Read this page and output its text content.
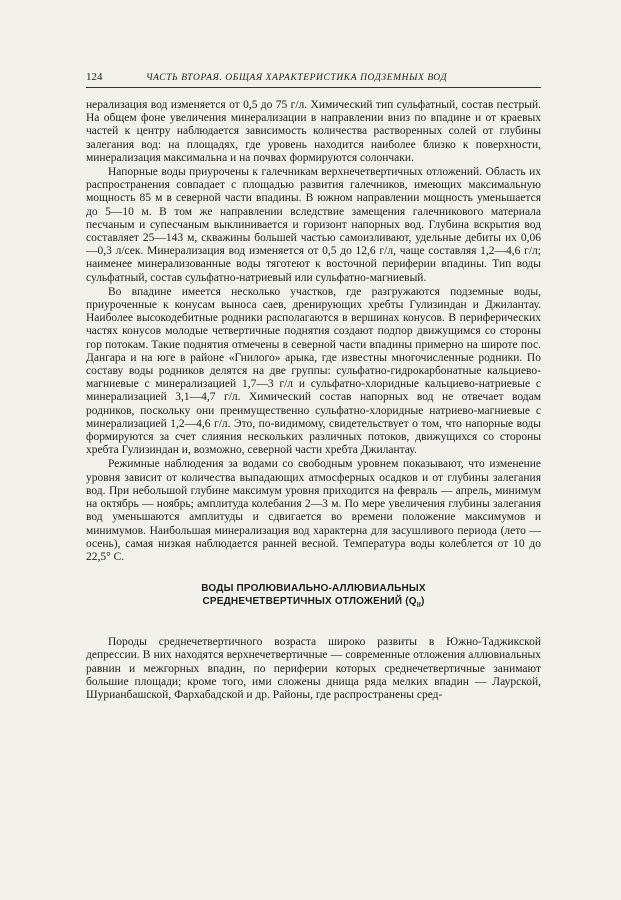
124	ЧАСТЬ ВТОРАЯ. ОБЩАЯ ХАРАКТЕРИСТИКА ПОДЗЕМНЫХ ВОД

нерализация вод изменяется от 0,5 до 75 г/л. Химический тип сульфатный, состав пестрый. На общем фоне увеличения минерализации в направлении вниз по впадине и от краевых частей к центру наблюдается зависимость количества растворенных солей от глубины залегания вод: на площадях, где уровень находится наиболее близко к поверхности, минерализация максимальна и на почвах формируются солончаки.

Напорные воды приурочены к галечникам верхнечетвертичных отложений. Область их распространения совпадает с площадью развития галечников, имеющих максимальную мощность 85 м в северной части впадины. В южном направлении мощность уменьшается до 5—10 м. В том же направлении вследствие замещения галечникового материала песчаным и супесчаным выклинивается и горизонт напорных вод. Глубина вскрытия вод составляет 25—143 м, скважины большей частью самоизливают, удельные дебиты их 0,06—0,3 л/сек. Минерализация вод изменяется от 0,5 до 12,6 г/л, чаще составляя 1,2—4,6 г/л; наименее минерализованные воды тяготеют к восточной периферии впадины. Тип воды сульфатный, состав сульфатно-натриевый или сульфатно-магниевый.

Во впадине имеется несколько участков, где разгружаются подземные воды, приуроченные к конусам выноса саев, дренирующих хребты Гулизиндан и Джилантау. Наиболее высокодебитные родники располагаются в вершинах конусов. В периферических частях конусов молодые четвертичные поднятия создают подпор движущимся со стороны гор потокам. Такие поднятия отмечены в северной части впадины примерно на широте пос. Дангара и на юге в районе «Гнилого» арыка, где известны многочисленные родники. По составу воды родников делятся на две группы: сульфатно-гидрокарбонатные кальциево-магниевые с минерализацией 1,7—3 г/л и сульфатно-хлоридные кальциево-натриевые с минерализацией 3,1—4,7 г/л. Химический состав напорных вод не отвечает водам родников, поскольку они преимущественно сульфатно-хлоридные натриево-магниевые с минерализацией 1,2—4,6 г/л. Это, по-видимому, свидетельствует о том, что напорные воды формируются за счет слияния нескольких различных потоков, движущихся со стороны хребта Гулизиндан и, возможно, северной части хребта Джилантау.

Режимные наблюдения за водами со свободным уровнем показывают, что изменение уровня зависит от количества выпадающих атмосферных осадков и от глубины залегания вод. При небольшой глубине максимум уровня приходится на февраль — апрель, минимум на октябрь — ноябрь; амплитуда колебания 2—3 м. По мере увеличения глубины залегания вод уменьшаются амплитуды и сдвигается во времени положение максимумов и минимумов. Наибольшая минерализация вод характерна для засушливого периода (лето — осень), самая низкая наблюдается ранней весной. Температура воды колеблется от 10 до 22,5° С.

ВОДЫ ПРОЛЮВИАЛЬНО-АЛЛЮВИАЛЬНЫХ
СРЕДНЕЧЕТВЕРТИЧНЫХ ОТЛОЖЕНИЙ $(Q_{II})$

Породы среднечетвертичного возраста широко развиты в Южно-Таджикской депрессии. В них находятся верхнечетвертичные — современные отложения аллювиальных равнин и межгорных впадин, по периферии которых среднечетвертичные занимают большие площади; кроме того, ими сложены днища ряда мелких впадин — Лаурской, Шурианбашской, Фархабадской и др. Районы, где распространены сред-
